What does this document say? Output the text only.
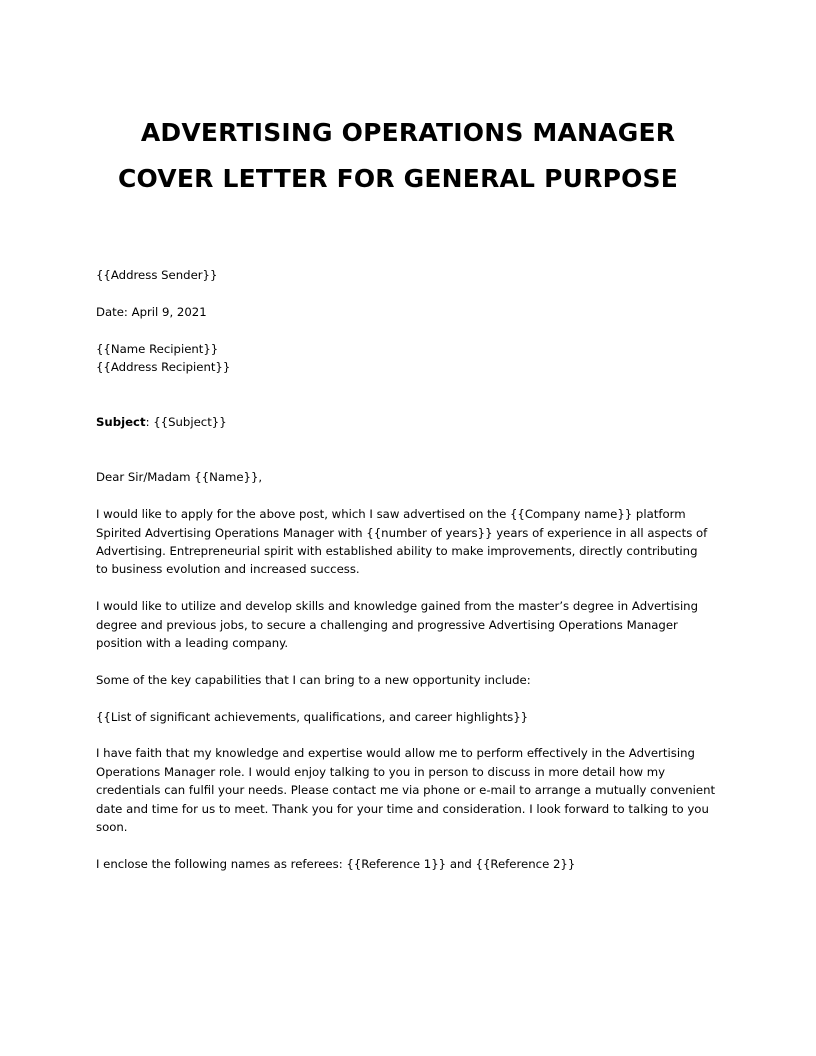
ADVERTISING OPERATIONS MANAGER
COVER LETTER FOR GENERAL PURPOSE

{{Address Sender}}

Date: April 9, 2021

{{Name Recipient}}

{{Address Recipient}}

Subject: {{Subject}}

Dear Sir/Madam {{Name}},

I would like to apply for the above post, which I saw advertised on the {{Company name}} platform

Spirited Advertising Operations Manager with {{number of years}} years of experience in all aspects of

Advertising. Entrepreneurial spirit with established ability to make improvements, directly contributing

to business evolution and increased success.

I would like to utilize and develop skills and knowledge gained from the master’s degree in Advertising

degree and previous jobs, to secure a challenging and progressive Advertising Operations Manager

position with a leading company.

Some of the key capabilities that I can bring to a new opportunity include:

{{List of significant achievements, qualifications, and career highlights}}

I have faith that my knowledge and expertise would allow me to perform effectively in the Advertising

Operations Manager role. I would enjoy talking to you in person to discuss in more detail how my

credentials can fulfil your needs. Please contact me via phone or e-mail to arrange a mutually convenient

date and time for us to meet. Thank you for your time and consideration. I look forward to talking to you

soon.

I enclose the following names as referees: {{Reference 1}} and {{Reference 2}}
